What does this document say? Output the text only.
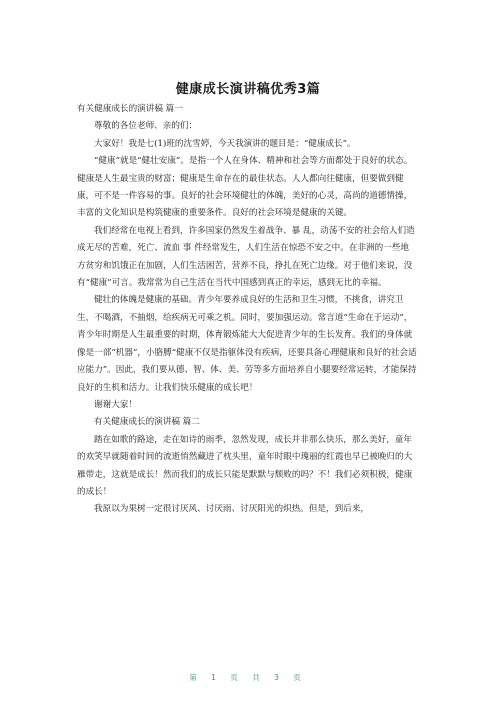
健康成长演讲稿优秀3篇

有关健康成长的演讲稿 篇一

尊敬的各位老师、亲的们：

大家好！我是七(1)班的沈雪婷，今天我演讲的题目是：“健康成长”。

“健康”就是“健壮安康”。是指一个人在身体、精神和社会等方面都处于良好的状态。健康是人生最宝贵的财富；健康是生命存在的最佳状态。人人都向往健康，但要做到健康，可不是一件容易的事。良好的社会环境健壮的体魄，美好的心灵，高尚的道德情操，丰富的文化知识是构筑健康的重要条件。良好的社会环境是健康的关键。

我们经常在电视上看到，许多国家仍然发生着战争、暴 乱，动荡不安的社会给人们造成无尽的苦难，死亡、流血 事 件经常发生，人们生活在惊恐不安之中。在非洲的一些地方贫穷和饥饿正在加剧，人们生活困苦，营养不良，挣扎在死亡边缘。对于他们来说，没有“健康”可言。我常常为自己生活在当代中国感到真正的幸运，感到无比的幸福。

健壮的体魄是健康的基础。青少年要养成良好的生活和卫生习惯，不挑食，讲究卫生，不喝酒，不抽烟，给疾病无可乘之机。同时，要加强运动。常言道“生命在于运动”，青少年时期是人生最重要的时期，体育锻炼能大大促进青少年的生长发育。我们的身体就像是一部“机器”，小胳膊“健康不仅是指躯体没有疾病，还要具备心理健康和良好的社会适应能力”。因此，我们要从德、智、体、美、劳等多方面培养自小腿要经常运转，才能保持良好的生机和活力。让我们快乐健康的成长吧！

谢谢大家！

有关健康成长的演讲稿 篇二

踏在如歌的路途，走在如诗的雨季，忽然发现，成长并非那么快乐，那么美好，童年的欢笑早就随着时间的流逝悄然藏进了枕头里，童年时眼中瑰丽的红霞也早已被晚归的大雁带走，这就是成长！然而我们的成长只能是默默与颓败的吗？不！我们必须积极，健康的成长！

我原以为果树一定很讨厌风、讨厌雨、讨厌阳光的炽热。但是，到后来，

第 1 页 共 3 页
